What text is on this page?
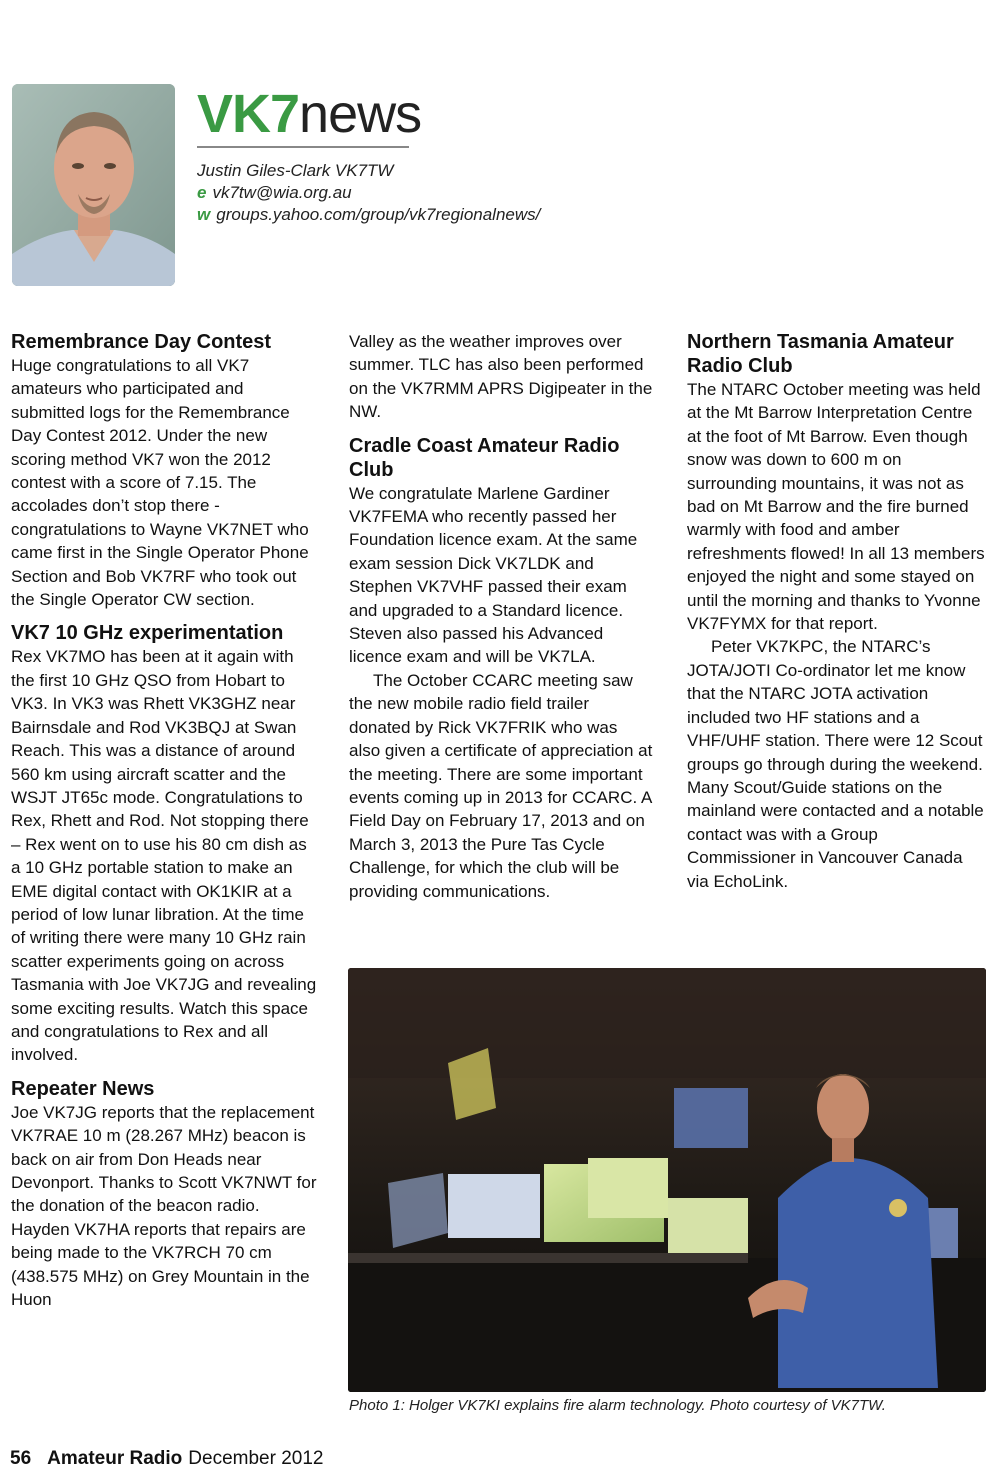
VK7news
Justin Giles-Clark VK7TW
e vk7tw@wia.org.au
w groups.yahoo.com/group/vk7regionalnews/
Remembrance Day Contest

Huge congratulations to all VK7 amateurs who participated and submitted logs for the Remembrance Day Contest 2012. Under the new scoring method VK7 won the 2012 contest with a score of 7.15. The accolades don’t stop there - congratulations to Wayne VK7NET who came first in the Single Operator Phone Section and Bob VK7RF who took out the Single Operator CW section.

VK7 10 GHz experimentation

Rex VK7MO has been at it again with the first 10 GHz QSO from Hobart to VK3. In VK3 was Rhett VK3GHZ near Bairnsdale and Rod VK3BQJ at Swan Reach. This was a distance of around 560 km using aircraft scatter and the WSJT JT65c mode. Congratulations to Rex, Rhett and Rod. Not stopping there – Rex went on to use his 80 cm dish as a 10 GHz portable station to make an EME digital contact with OK1KIR at a period of low lunar libration. At the time of writing there were many 10 GHz rain scatter experiments going on across Tasmania with Joe VK7JG and revealing some exciting results. Watch this space and congratulations to Rex and all involved.

Repeater News

Joe VK7JG reports that the replacement VK7RAE 10 m (28.267 MHz) beacon is back on air from Don Heads near Devonport. Thanks to Scott VK7NWT for the donation of the beacon radio. Hayden VK7HA reports that repairs are being made to the VK7RCH 70 cm (438.575 MHz) on Grey Mountain in the Huon

Valley as the weather improves over summer. TLC has also been performed on the VK7RMM APRS Digipeater in the NW.

Cradle Coast Amateur Radio Club

We congratulate Marlene Gardiner VK7FEMA who recently passed her Foundation licence exam. At the same exam session Dick VK7LDK and Stephen VK7VHF passed their exam and upgraded to a Standard licence. Steven also passed his Advanced licence exam and will be VK7LA.

The October CCARC meeting saw the new mobile radio field trailer donated by Rick VK7FRIK who was also given a certificate of appreciation at the meeting. There are some important events coming up in 2013 for CCARC. A Field Day on February 17, 2013 and on March 3, 2013 the Pure Tas Cycle Challenge, for which the club will be providing communications.

Northern Tasmania Amateur Radio Club

The NTARC October meeting was held at the Mt Barrow Interpretation Centre at the foot of Mt Barrow. Even though snow was down to 600 m on surrounding mountains, it was not as bad on Mt Barrow and the fire burned warmly with food and amber refreshments flowed! In all 13 members enjoyed the night and some stayed on until the morning and thanks to Yvonne VK7FYMX for that report.

Peter VK7KPC, the NTARC’s JOTA/JOTI Co-ordinator let me know that the NTARC JOTA activation included two HF stations and a VHF/UHF station. There were 12 Scout groups go through during the weekend. Many Scout/Guide stations on the mainland were contacted and a notable contact was with a Group Commissioner in Vancouver Canada via EchoLink.

Photo 1: Holger VK7KI explains fire alarm technology. Photo courtesy of VK7TW.
56 Amateur Radio December 2012
